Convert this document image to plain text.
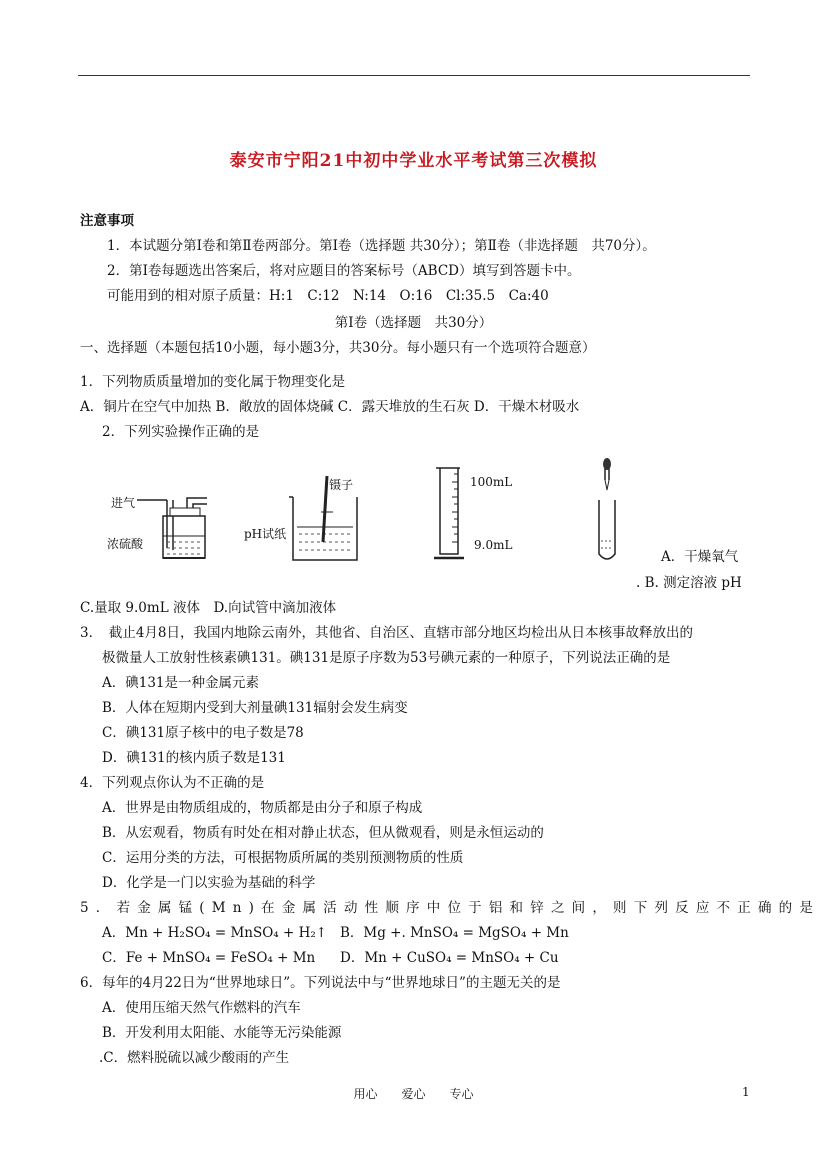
泰安市宁阳21中初中学业水平考试第三次模拟
注意事项
1．本试题分第Ⅰ卷和第Ⅱ卷两部分。第Ⅰ卷（选择题 共30分）；第Ⅱ卷（非选择题　共70分）。
2．第Ⅰ卷每题选出答案后，将对应题目的答案标号（ABCD）填写到答题卡中。
可能用到的相对原子质量：H:1　C:12　N:14　O:16　Cl:35.5　Ca:40
第Ⅰ卷（选择题　共30分）
一、选择题（本题包括10小题，每小题3分，共30分。每小题只有一个选项符合题意）
1．下列物质质量增加的变化属于物理变化是
A．铜片在空气中加热 B．敞放的固体烧碱 C．露天堆放的生石灰 D．干燥木材吸水
2．下列实验操作正确的是
进气
浓硫酸
镊子
pH试纸
100mL
9.0mL
A．干燥氧气
. B. 测定溶液 pH
C.量取 9.0mL 液体　D.向试管中滴加液体
3．　截止4月8日，我国内地除云南外，其他省、自治区、直辖市部分地区均检出从日本核事故释放出的
极微量人工放射性核素碘131。碘131是原子序数为53号碘元素的一种原子，下列说法正确的是
A．碘131是一种金属元素
B．人体在短期内受到大剂量碘131辐射会发生病变
C．碘131原子核中的电子数是78
D．碘131的核内质子数是131
4．下列观点你认为不正确的是
A．世界是由物质组成的，物质都是由分子和原子构成
B．从宏观看，物质有时处在相对静止状态，但从微观看，则是永恒运动的
C．运用分类的方法，可根据物质所属的类别预测物质的性质
D．化学是一门以实验为基础的科学
5．若金属锰(Mn)在金属活动性顺序中位于铝和锌之间，则下列反应不正确的是
A．Mn + H₂SO₄ = MnSO₄ + H₂↑ B．Mg +. MnSO₄ = MgSO₄ + Mn
C．Fe + MnSO₄ = FeSO₄ + Mn D．Mn + CuSO₄ = MnSO₄ + Cu
6．每年的4月22日为“世界地球日”。下列说法中与“世界地球日”的主题无关的是
A．使用压缩天然气作燃料的汽车
B．开发利用太阳能、水能等无污染能源
.C．燃料脱硫以减少酸雨的产生
用心　　爱心　　专心	1
